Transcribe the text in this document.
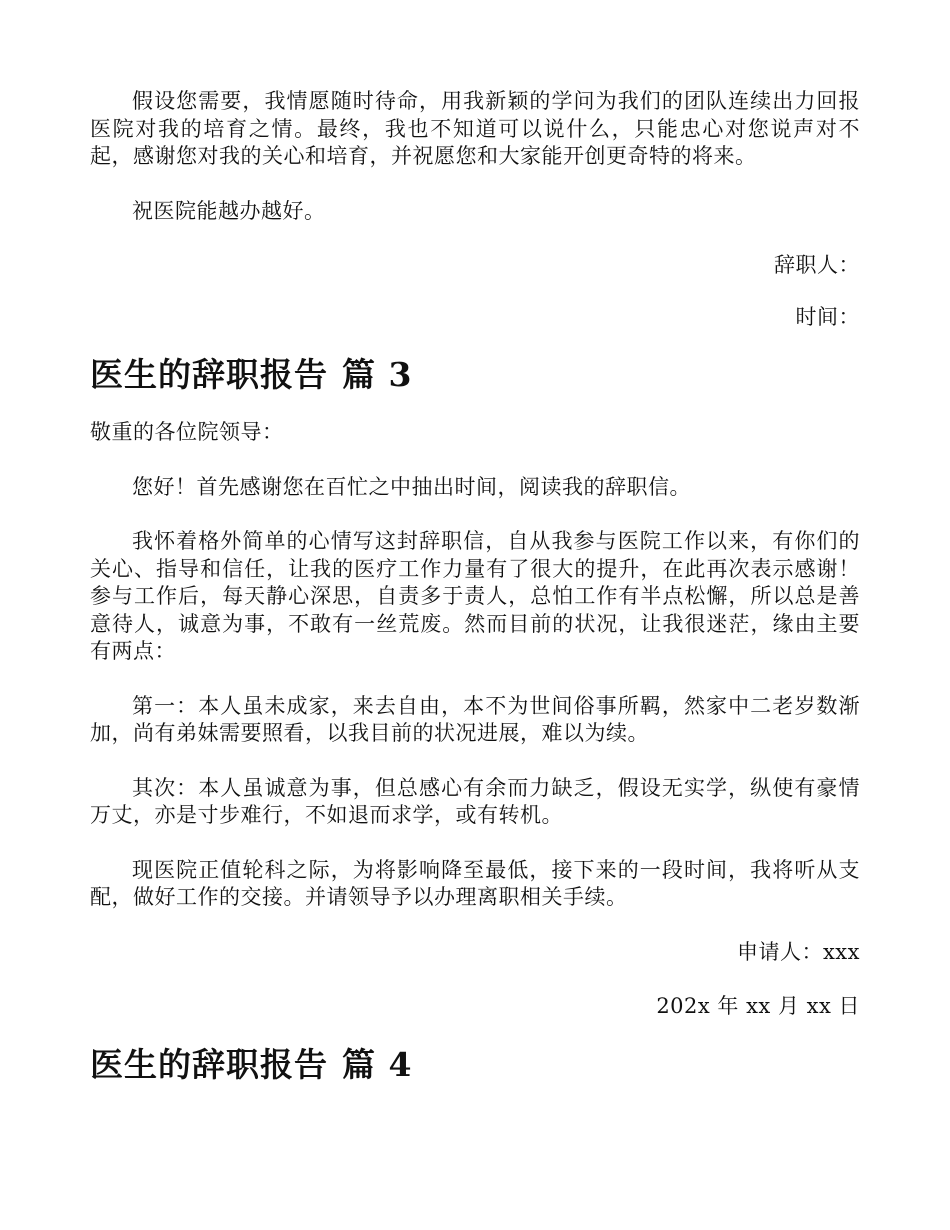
假设您需要，我情愿随时待命，用我新颖的学问为我们的团队连续出力回报医院对我的培育之情。最终，我也不知道可以说什么，只能忠心对您说声对不起，感谢您对我的关心和培育，并祝愿您和大家能开创更奇特的将来。

祝医院能越办越好。

辞职人：

时间：

医生的辞职报告 篇 3

敬重的各位院领导：

您好！首先感谢您在百忙之中抽出时间，阅读我的辞职信。

我怀着格外简单的心情写这封辞职信，自从我参与医院工作以来，有你们的关心、指导和信任，让我的医疗工作力量有了很大的提升，在此再次表示感谢！ 参与工作后，每天静心深思，自责多于责人，总怕工作有半点松懈，所以总是善意待人，诚意为事，不敢有一丝荒废。然而目前的状况，让我很迷茫，缘由主要有两点：

第一：本人虽未成家，来去自由，本不为世间俗事所羁，然家中二老岁数渐加，尚有弟妹需要照看，以我目前的状况进展，难以为续。

其次：本人虽诚意为事，但总感心有余而力缺乏，假设无实学，纵使有豪情万丈，亦是寸步难行，不如退而求学，或有转机。

现医院正值轮科之际，为将影响降至最低，接下来的一段时间，我将听从支配，做好工作的交接。并请领导予以办理离职相关手续。

申请人：xxx

202x 年 xx 月 xx 日

医生的辞职报告 篇 4
